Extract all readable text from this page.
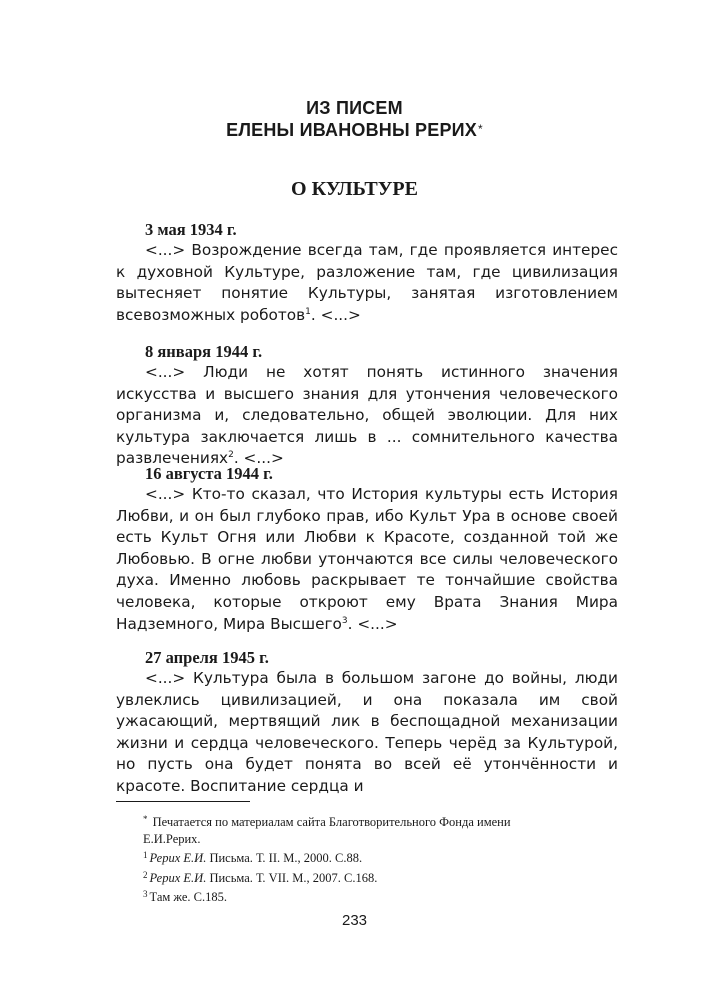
ИЗ ПИСЕМ
ЕЛЕНЫ ИВАНОВНЫ РЕРИХ*
О КУЛЬТУРЕ
3 мая 1934 г.

<...> Возрождение всегда там, где проявляется интерес к духовной Культуре, разложение там, где цивилизация вытесняет понятие Культуры, занятая изготовлением всевозможных роботов$^1$. <...>

8 января 1944 г.

<...> Люди не хотят понять истинного значения искусства и высшего знания для утончения человеческого организма и, следовательно, общей эволюции. Для них культура заключается лишь в ... сомнительного качества развлечениях$^2$. <...>

16 августа 1944 г.

<...> Кто-то сказал, что История культуры есть История Любви, и он был глубоко прав, ибо Культ Ура в основе своей есть Культ Огня или Любви к Красоте, созданной той же Любовью. В огне любви утончаются все силы человеческого духа. Именно любовь раскрывает те тончайшие свойства человека, которые откроют ему Врата Знания Мира Надземного, Мира Высшего$^3$. <...>

27 апреля 1945 г.

<...> Культура была в большом загоне до войны, люди увлеклись цивилизацией, и она показала им свой ужасающий, мертвящий лик в беспощадной механизации жизни и сердца человеческого. Теперь черёд за Культурой, но пусть она будет понята во всей её утончённости и красоте. Воспитание сердца и

* Печатается по материалам сайта Благотворительного Фонда имени

Е.И.Рерих.

$^1$ Рерих Е.И. Письма. Т. II. М., 2000. С.88.

$^2$ Рерих Е.И. Письма. Т. VII. М., 2007. С.168.

$^3$ Там же. С.185.

233
